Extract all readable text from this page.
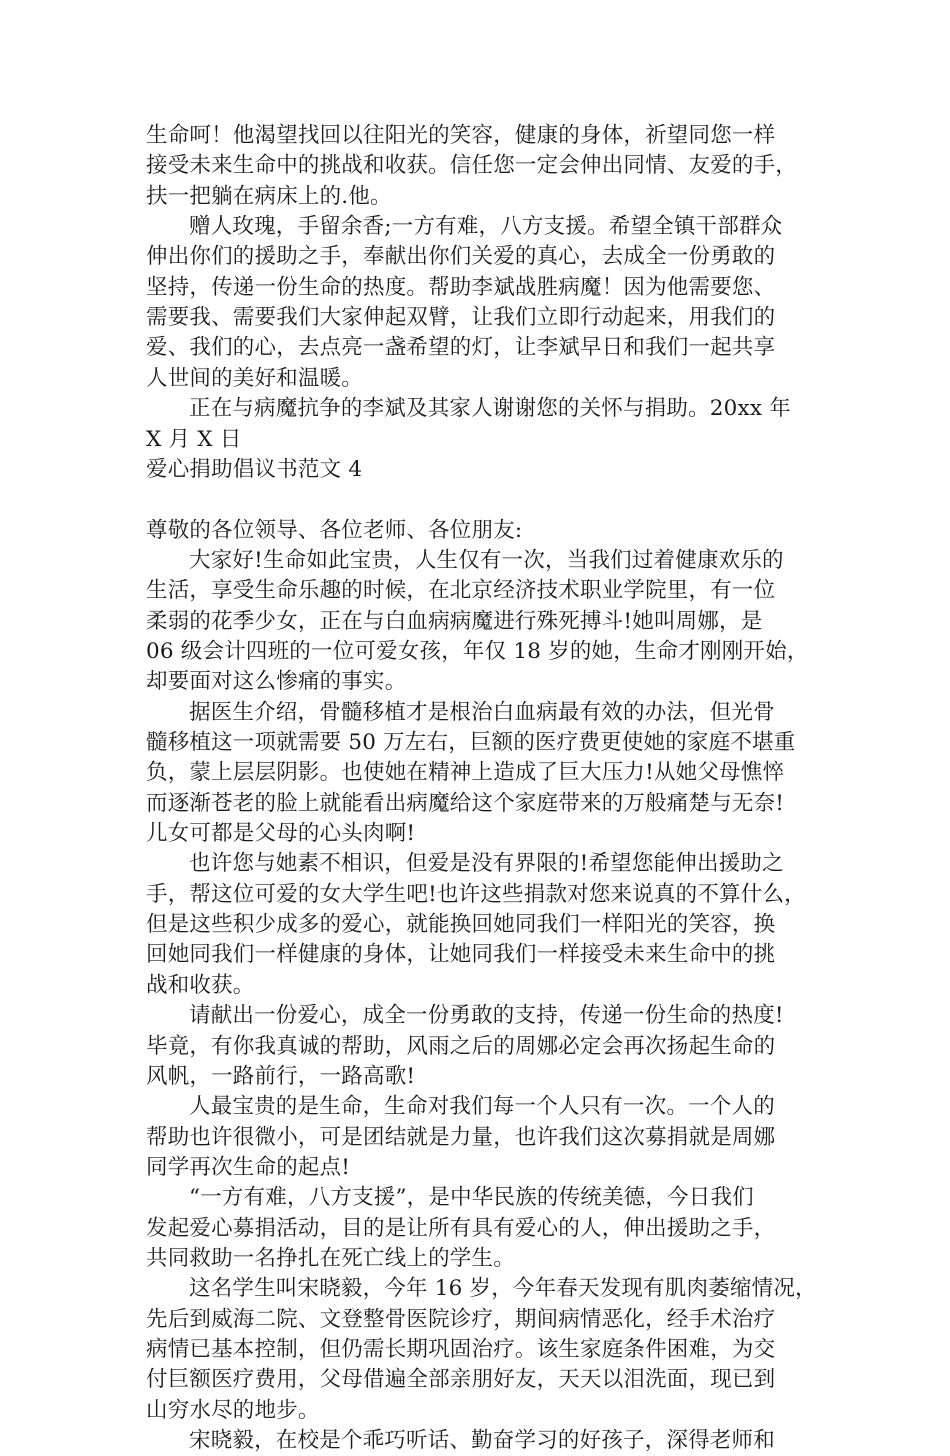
生命呵！他渴望找回以往阳光的笑容，健康的身体，祈望同您一样
接受未来生命中的挑战和收获。信任您一定会伸出同情、友爱的手，
扶一把躺在病床上的.他。
赠人玫瑰，手留余香;一方有难，八方支援。希望全镇干部群众
伸出你们的援助之手，奉献出你们关爱的真心，去成全一份勇敢的
坚持，传递一份生命的热度。帮助李斌战胜病魔！因为他需要您、
需要我、需要我们大家伸起双臂，让我们立即行动起来，用我们的
爱、我们的心，去点亮一盏希望的灯，让李斌早日和我们一起共享
人世间的美好和温暖。
正在与病魔抗争的李斌及其家人谢谢您的关怀与捐助。20xx 年
X 月 X 日
爱心捐助倡议书范文 4
尊敬的各位领导、各位老师、各位朋友:
大家好!生命如此宝贵，人生仅有一次，当我们过着健康欢乐的
生活，享受生命乐趣的时候，在北京经济技术职业学院里，有一位
柔弱的花季少女，正在与白血病病魔进行殊死搏斗!她叫周娜，是
06 级会计四班的一位可爱女孩，年仅 18 岁的她，生命才刚刚开始，
却要面对这么惨痛的事实。
据医生介绍，骨髓移植才是根治白血病最有效的办法，但光骨
髓移植这一项就需要 50 万左右，巨额的医疗费更使她的家庭不堪重
负，蒙上层层阴影。也使她在精神上造成了巨大压力!从她父母憔悴
而逐渐苍老的脸上就能看出病魔给这个家庭带来的万般痛楚与无奈!
儿女可都是父母的心头肉啊!
也许您与她素不相识，但爱是没有界限的!希望您能伸出援助之
手，帮这位可爱的女大学生吧!也许这些捐款对您来说真的不算什么，
但是这些积少成多的爱心，就能换回她同我们一样阳光的笑容，换
回她同我们一样健康的身体，让她同我们一样接受未来生命中的挑
战和收获。
请献出一份爱心，成全一份勇敢的支持，传递一份生命的热度!
毕竟，有你我真诚的帮助，风雨之后的周娜必定会再次扬起生命的
风帆，一路前行，一路高歌!
人最宝贵的是生命，生命对我们每一个人只有一次。一个人的
帮助也许很微小，可是团结就是力量，也许我们这次募捐就是周娜
同学再次生命的起点!
“一方有难，八方支援”，是中华民族的传统美德，今日我们
发起爱心募捐活动，目的是让所有具有爱心的人，伸出援助之手，
共同救助一名挣扎在死亡线上的学生。
这名学生叫宋晓毅，今年 16 岁，今年春天发现有肌肉萎缩情况，
先后到威海二院、文登整骨医院诊疗，期间病情恶化，经手术治疗
病情已基本控制，但仍需长期巩固治疗。该生家庭条件困难，为交
付巨额医疗费用，父母借遍全部亲朋好友，天天以泪洗面，现已到
山穷水尽的地步。
宋晓毅，在校是个乖巧听话、勤奋学习的好孩子，深得老师和
